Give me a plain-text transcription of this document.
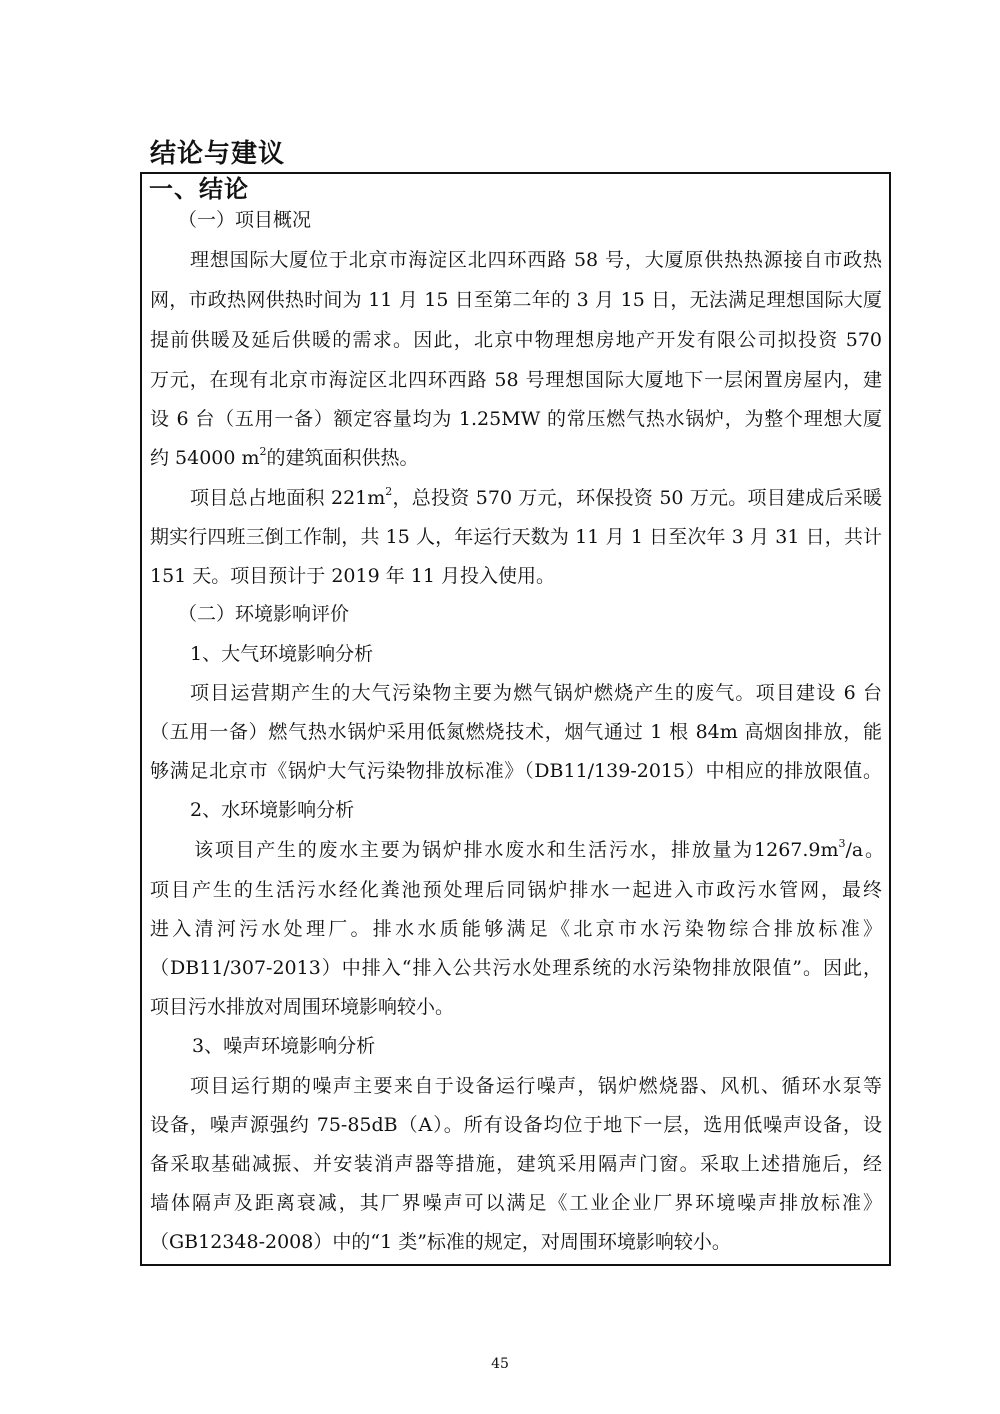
结论与建议
一、结论

（一）项目概况

理想国际大厦位于北京市海淀区北四环西路 58 号，大厦原供热热源接自市政热

网，市政热网供热时间为 11 月 15 日至第二年的 3 月 15 日，无法满足理想国际大厦

提前供暖及延后供暖的需求。因此，北京中物理想房地产开发有限公司拟投资 570

万元，在现有北京市海淀区北四环西路 58 号理想国际大厦地下一层闲置房屋内，建

设 6 台（五用一备）额定容量均为 1.25MW 的常压燃气热水锅炉，为整个理想大厦

约 54000 $m^2$的建筑面积供热。

项目总占地面积 $221m^2$，总投资 570 万元，环保投资 50 万元。项目建成后采暖

期实行四班三倒工作制，共 15 人，年运行天数为 11 月 1 日至次年 3 月 31 日，共计

151 天。项目预计于 2019 年 11 月投入使用。

（二）环境影响评价

1、大气环境影响分析

项目运营期产生的大气污染物主要为燃气锅炉燃烧产生的废气。项目建设 6 台

（五用一备）燃气热水锅炉采用低氮燃烧技术，烟气通过 1 根 84m 高烟囱排放，能

够满足北京市《锅炉大气污染物排放标准》（DB11/139-2015）中相应的排放限值。

2、水环境影响分析

该项目产生的废水主要为锅炉排水废水和生活污水，排放量为$1267.9m^3/a$。

项目产生的生活污水经化粪池预处理后同锅炉排水一起进入市政污水管网，最终

进入清河污水处理厂。排水水质能够满足《北京市水污染物综合排放标准》

（DB11/307-2013）中排入“排入公共污水处理系统的水污染物排放限值”。因此，

项目污水排放对周围环境影响较小。

3、噪声环境影响分析

项目运行期的噪声主要来自于设备运行噪声，锅炉燃烧器、风机、循环水泵等

设备，噪声源强约 75-85dB（A）。所有设备均位于地下一层，选用低噪声设备，设

备采取基础减振、并安装消声器等措施，建筑采用隔声门窗。采取上述措施后，经

墙体隔声及距离衰减，其厂界噪声可以满足《工业企业厂界环境噪声排放标准》

（GB12348-2008）中的“1 类”标准的规定，对周围环境影响较小。

45
